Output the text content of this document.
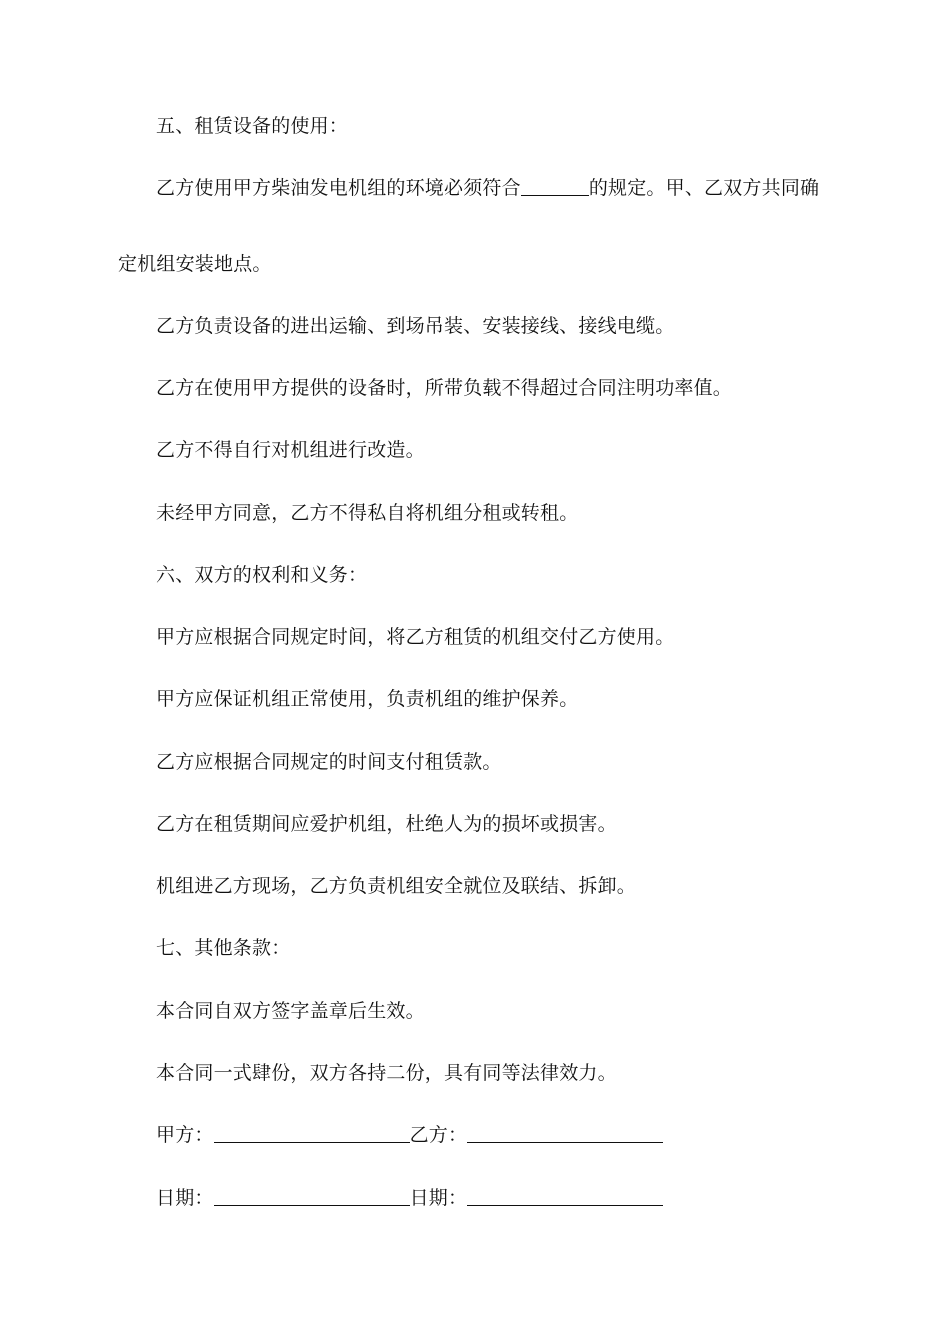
五、租赁设备的使用：
乙方使用甲方柴油发电机组的环境必须符合	的规定。甲、乙双方共同确
定机组安装地点。
乙方负责设备的进出运输、到场吊装、安装接线、接线电缆。
乙方在使用甲方提供的设备时，所带负载不得超过合同注明功率值。
乙方不得自行对机组进行改造。
未经甲方同意，乙方不得私自将机组分租或转租。
六、双方的权利和义务：
甲方应根据合同规定时间，将乙方租赁的机组交付乙方使用。
甲方应保证机组正常使用，负责机组的维护保养。
乙方应根据合同规定的时间支付租赁款。
乙方在租赁期间应爱护机组，杜绝人为的损坏或损害。
机组进乙方现场，乙方负责机组安全就位及联结、拆卸。
七、其他条款：
本合同自双方签字盖章后生效。
本合同一式肆份，双方各持二份，具有同等法律效力。
甲方：	乙方：
日期：	日期：
